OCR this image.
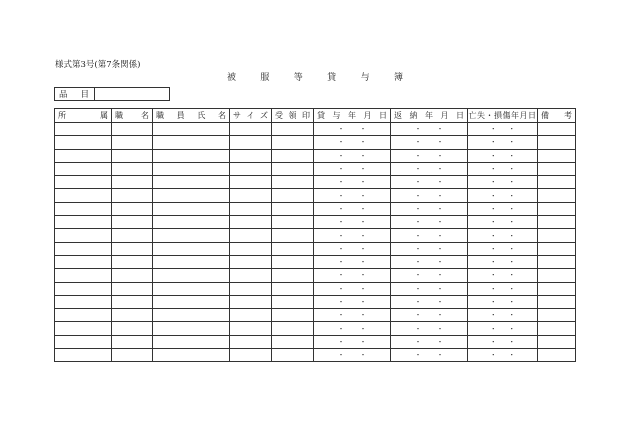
様式第3号(第7条関係)
被	服	等	貸	与	簿
品 目
所 属	職 名	職 員 氏 名	サ イ ズ	受 領 印	貸 与 年 月 日	返 納 年 月 日	亡失・損傷年月日	備 考

					・ ・	・ ・	・ ・	

					・ ・	・ ・	・ ・	

					・ ・	・ ・	・ ・	

					・ ・	・ ・	・ ・	

					・ ・	・ ・	・ ・	

					・ ・	・ ・	・ ・	

					・ ・	・ ・	・ ・	

					・ ・	・ ・	・ ・	

					・ ・	・ ・	・ ・	

					・ ・	・ ・	・ ・	

					・ ・	・ ・	・ ・	

					・ ・	・ ・	・ ・	

					・ ・	・ ・	・ ・	

					・ ・	・ ・	・ ・	

					・ ・	・ ・	・ ・	

					・ ・	・ ・	・ ・	

					・ ・	・ ・	・ ・	

					・ ・	・ ・	・ ・	
